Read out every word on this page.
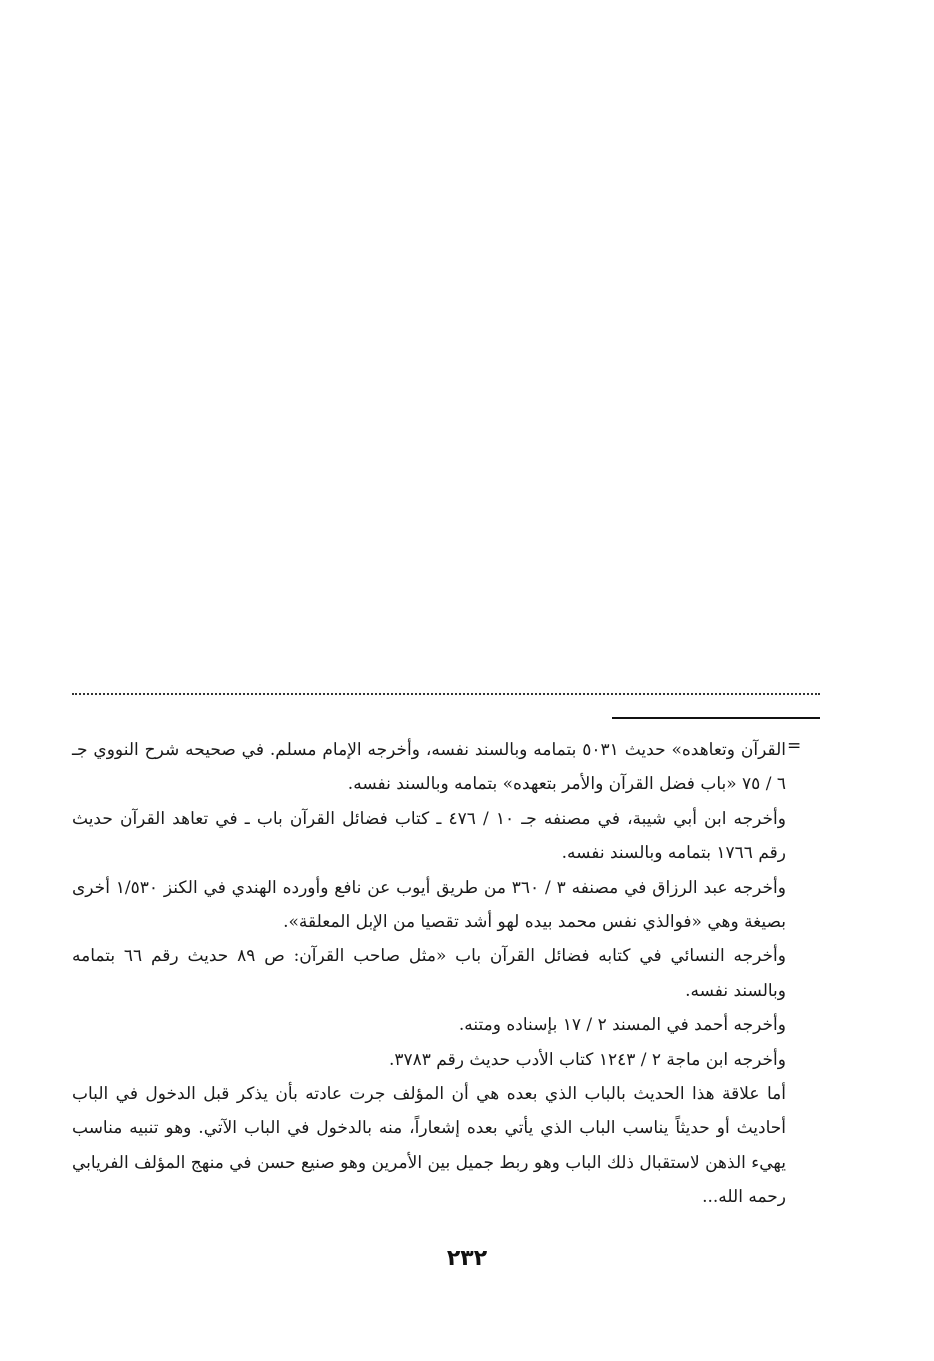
=

القرآن وتعاهده» حديث ٥٠٣١ بتمامه وبالسند نفسه، وأخرجه الإمام مسلم. في صحيحه شرح النووي جـ ٦ / ٧٥ «باب فضل القرآن والأمر بتعهده» بتمامه وبالسند نفسه.

وأخرجه ابن أبي شيبة، في مصنفه جـ ١٠ / ٤٧٦ ـ كتاب فضائل القرآن باب ـ في تعاهد القرآن حديث رقم ١٧٦٦ بتمامه وبالسند نفسه.

وأخرجه عبد الرزاق في مصنفه ٣ / ٣٦٠ من طريق أيوب عن نافع وأورده الهندي في الكنز ١/٥٣٠ أخرى بصيغة وهي «فوالذي نفس محمد بيده لهو أشد تقصيا من الإبل المعلقة».

وأخرجه النسائي في كتابه فضائل القرآن باب «مثل صاحب القرآن: ص ٨٩ حديث رقم ٦٦ بتمامه وبالسند نفسه.

وأخرجه أحمد في المسند ٢ / ١٧ بإسناده ومتنه.

وأخرجه ابن ماجة ٢ / ١٢٤٣ كتاب الأدب حديث رقم ٣٧٨٣.

أما علاقة هذا الحديث بالباب الذي بعده هي أن المؤلف جرت عادته بأن يذكر قبل الدخول في الباب أحاديث أو حديثاً يناسب الباب الذي يأتي بعده إشعاراً، منه بالدخول في الباب الآتي. وهو تنبيه مناسب يهيء الذهن لاستقبال ذلك الباب وهو ربط جميل بين الأمرين وهو صنيع حسن في منهج المؤلف الفريابي رحمه الله...

٢٣٢
